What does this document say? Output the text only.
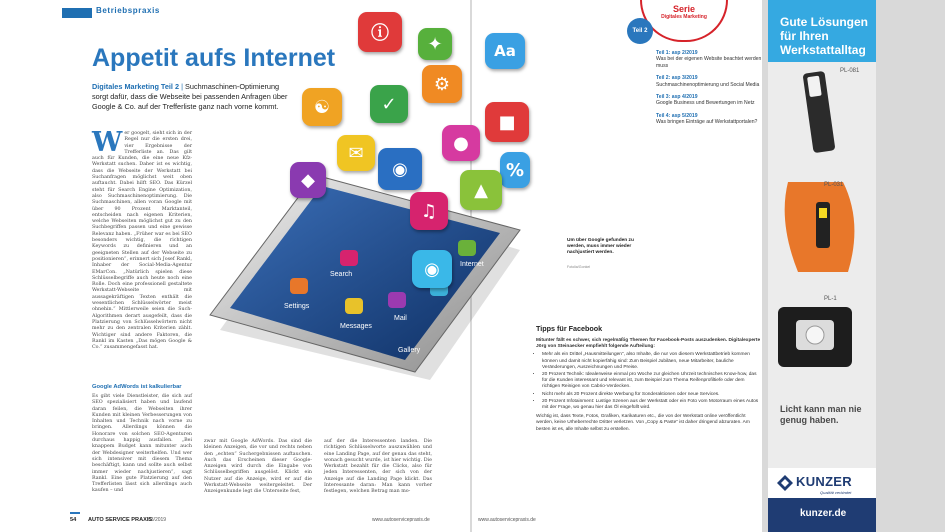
Betriebspraxis
Appetit aufs Internet
Digitales Marketing Teil 2 | Suchmaschinen-Optimierung sorgt dafür, dass die Webseite bei passenden Anfragen über Google & Co. auf der Trefferliste ganz nach vorne kommt.
W er googelt, sieht sich in der Regel nur die ersten drei, vier Ergebnisse der Trefferliste an. Das gilt auch für Kunden, die eine neue Kfz-Werkstatt suchen. Daher ist es wichtig, dass die Webseite der Werkstatt bei Suchanfragen möglichst weit oben auftaucht. Dabei hilft SEO. Das Kürzel steht für Search Engine Optimization, also Suchmaschinenoptimierung. Die Suchmaschinen, allen voran Google mit über 90 Prozent Marktanteil, entscheiden nach eigenen Kriterien, welche Webseiten möglichst gut zu den Suchbegriffen passen und eine gewisse Relevanz haben. „Früher war es bei SEO besonders wichtig, die richtigen Keywords zu definieren und an geeigneten Stellen auf der Webseite zu positionieren“, erinnert sich Josef Rankl, Inhaber der Social-Media-Agentur EMarCon. „Natürlich spielen diese Schlüsselbegriffe auch heute noch eine Rolle. Doch eine professionell gestaltete Werkstatt-Webseite mit aussagekräftigen Texten enthält die wesentlichen Schlüsselwörter meist ohnehin.“ Mittlerweile seien die Such-Algorithmen derart ausgefeilt, dass die Platzierung von Schlüsselwörtern nicht mehr zu den zentralen Kriterien zählt. Wichtiger sind andere Faktoren, die Rankl im Kasten „Das mögen Google & Co.“ zusammengefasst hat.
Google AdWords ist kalkulierbar
Es gibt viele Dienstleister, die sich auf SEO spezialisiert haben und laufend daran feilen, die Webseiten ihrer Kunden mit kleinen Verbesserungen von Inhalten und Technik nach vorne zu bringen. Allerdings können die Honorare von solchen SEO-Agenturen durchaus happig ausfallen. „Bei knappem Budget kann mitunter auch der Webdesigner weiterhelfen. Und wer sich intensiver mit diesem Thema beschäftigt, kann und sollte auch selbst immer wieder nachjustieren“, sagt Rankl. Eine gute Platzierung auf den Trefferlisten lässt sich allerdings auch kaufen – und
zwar mit Google AdWords. Das sind die kleinen Anzeigen, die vor und rechts neben den „echten“ Suchergebnissen auftauchen. Auch das Erscheinen dieser Google-Anzeigen wird durch die Eingabe von Schlüsselbegriffen ausgelöst. Klickt ein Nutzer auf die Anzeige, wird er auf die Werkstatt-Webseite weitergeleitet. Der Anzeigenkunde legt die Unterseite fest,
auf der die Interessenten landen. Die richtigen Schlüsselworte auszuwählen und eine Landing Page, auf der genau das steht, wonach gesucht wurde, ist hier wichtig. Die Werkstatt bezahlt für die Clicks, also für jeden Interessenten, der sich von der Anzeige auf die Landing Page klickt. Das Interessante daran: Man kann vorher festlegen, welchen Betrag man mo-
54 AUTO SERVICE PRAXIS
03/2019	www.autoservicepraxis.de	www.autoservicepraxis.de
Settings
Messages
Mail
Search
Gallery
Internet
ⓘ	✦	Aa
☯	✓
⚙
■
✉
◉
●
%
▲
♫
◉
◆
Serie
Digitales Marketing
Teil 2
Teil 1: asp 2/2019
Was bei der eigenen Website beachtet werden muss
Teil 2: asp 3/2019
Suchmaschinenoptimierung und Social Media
Teil 3: asp 4/2019
Google Business und Bewertungen im Netz
Teil 4: asp 5/2019
Was bringen Einträge auf Werkstattportalen?
Um über Google gefunden zu werden, muss immer wieder nachjustiert werden.
Fotolia/Gonkel
Tipps für Facebook
Mitunter fällt es schwer, sich regelmäßig Themen für Facebook-Posts auszudenken. Digitalexperte Jörg von Steinaecker empfiehlt folgende Aufteilung:
• Mehr als ein Drittel „Hausmitteilungen“, also Inhalte, die nur von diesem Werkstattbetrieb kommen können und damit nicht kopierfähig sind: Zum Beispiel Jubiläen, neue Mitarbeiter, bauliche Veränderungen, Auszeichnungen und Preise.
• 20 Prozent Technik: Idealerweise einmal pro Woche zur gleichen Uhrzeit technisches Know-how, das für die Kunden interessant und relevant ist, zum Beispiel zum Thema Reifenprofiltiefe oder dem richtigen Reinigen von Cabrio-Verdecken.
• Nicht mehr als 20 Prozent direkte Werbung für Sonderaktionen oder neue Services.
• 20 Prozent Infotainment: Lustige Szenen aus der Werkstatt oder ein Foto vom Motorraum eines Autos mit der Frage, wo genau hier das Öl eingefüllt wird.
Wichtig ist, dass Texte, Fotos, Grafiken, Karikaturen etc., die von der Werkstatt online veröffentlicht werden, keine Urheberrechte Dritter verletzen. Von „Copy & Paste“ ist daher dringend abzuraten. Am besten ist es, alle Inhalte selbst zu erstellen.
Gute Lösungen für Ihren Werkstattalltag
PL-081
PL-031
PL-1
Licht kann man nie genug haben.
KUNZER
Qualität verbindet
kunzer.de
